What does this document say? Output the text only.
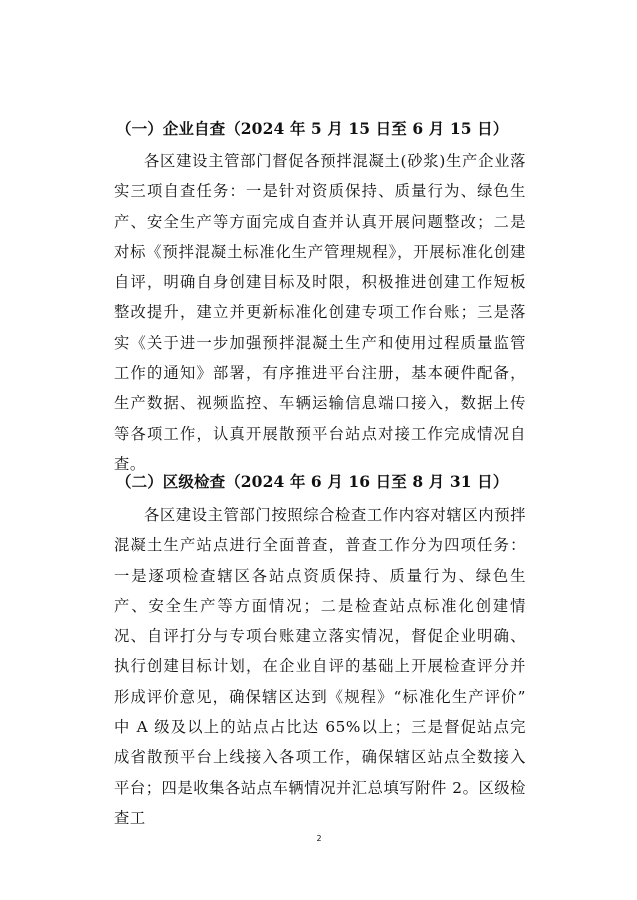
（一）企业自查（2024 年 5 月 15 日至 6 月 15 日）

各区建设主管部门督促各预拌混凝土(砂浆)生产企业落实三项自查任务：一是针对资质保持、质量行为、绿色生产、安全生产等方面完成自查并认真开展问题整改；二是对标《预拌混凝土标准化生产管理规程》，开展标准化创建自评，明确自身创建目标及时限，积极推进创建工作短板整改提升，建立并更新标准化创建专项工作台账；三是落实《关于进一步加强预拌混凝土生产和使用过程质量监管工作的通知》部署，有序推进平台注册，基本硬件配备，生产数据、视频监控、车辆运输信息端口接入，数据上传等各项工作，认真开展散预平台站点对接工作完成情况自查。

（二）区级检查（2024 年 6 月 16 日至 8 月 31 日）

各区建设主管部门按照综合检查工作内容对辖区内预拌混凝土生产站点进行全面普查，普查工作分为四项任务：一是逐项检查辖区各站点资质保持、质量行为、绿色生产、安全生产等方面情况；二是检查站点标准化创建情况、自评打分与专项台账建立落实情况，督促企业明确、执行创建目标计划，在企业自评的基础上开展检查评分并形成评价意见，确保辖区达到《规程》“标准化生产评价” 中 A 级及以上的站点占比达 65%以上；三是督促站点完成省散预平台上线接入各项工作，确保辖区站点全数接入平台；四是收集各站点车辆情况并汇总填写附件 2。区级检查工

2
